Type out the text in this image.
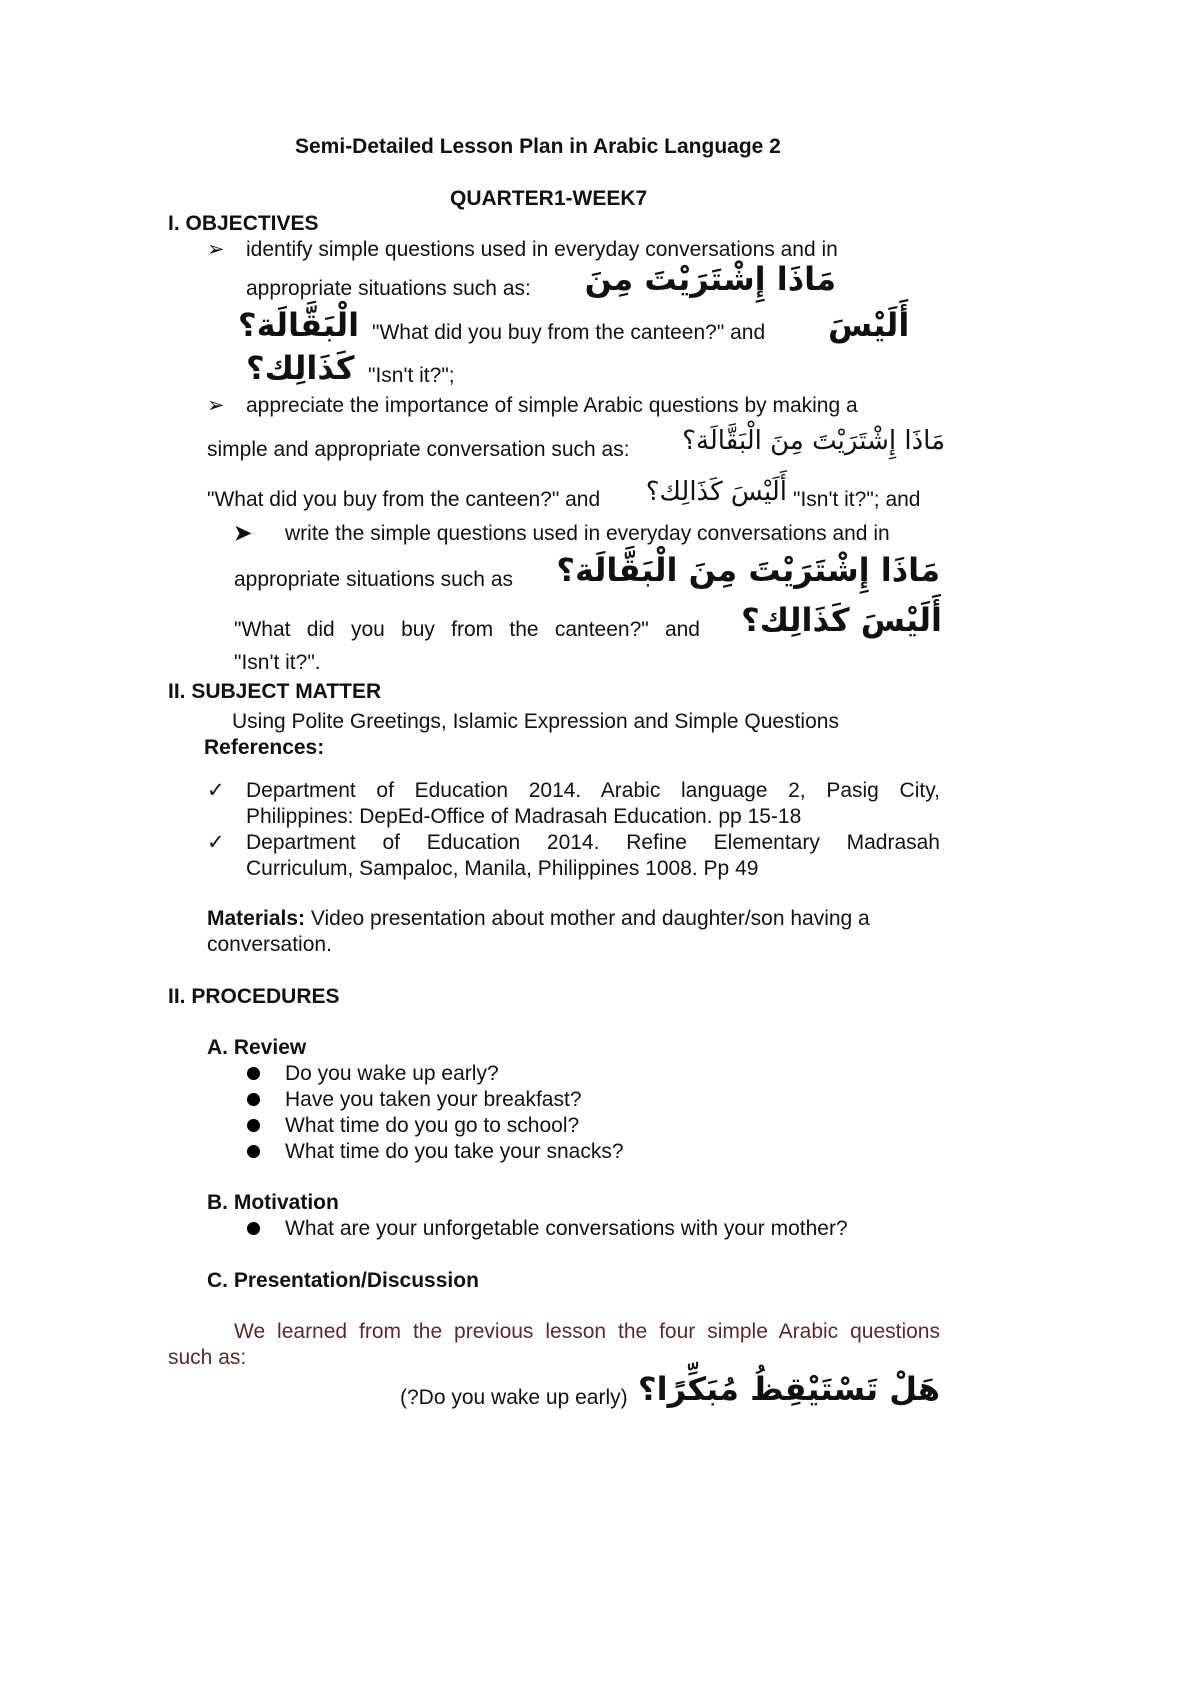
Semi-Detailed Lesson Plan in Arabic Language 2
QUARTER1-WEEK7
I. OBJECTIVES
➢ identify simple questions used in everyday conversations and in
appropriate situations such as: مَاذَا إِشْتَرَيْتَ مِنَ
الْبَقَّالَة؟ "What did you buy from the canteen?" and أَلَيْسَ
كَذَالِك؟ "Isn't it?";
➢ appreciate the importance of simple Arabic questions by making a
simple and appropriate conversation such as:	مَاذَا إِشْتَرَيْتَ مِنَ الْبَقَّالَة؟
"What did you buy from the canteen?" and	أَلَيْسَ كَذَالِك؟ "Isn't it?"; and
➤ write the simple questions used in everyday conversations and in
appropriate situations such as	مَاذَا إِشْتَرَيْتَ مِنَ الْبَقَّالَة؟
"What did you buy from the canteen?" and	أَلَيْسَ كَذَالِك؟
"Isn't it?".
II. SUBJECT MATTER
Using Polite Greetings, Islamic Expression and Simple Questions
References:
✓ Department of Education 2014. Arabic language 2, Pasig City,
Philippines: DepEd-Office of Madrasah Education. pp 15-18
✓ Department of Education 2014. Refine Elementary Madrasah
Curriculum, Sampaloc, Manila, Philippines 1008. Pp 49
Materials: Video presentation about mother and daughter/son having a
conversation.
II. PROCEDURES
A. Review
Do you wake up early?
Have you taken your breakfast?
What time do you go to school?
What time do you take your snacks?
B. Motivation
What are your unforgetable conversations with your mother?
C. Presentation/Discussion
We learned from the previous lesson the four simple Arabic questions
such as:
(?Do you wake up early) هَلْ تَسْتَيْقِظُ مُبَكِّرًا؟
